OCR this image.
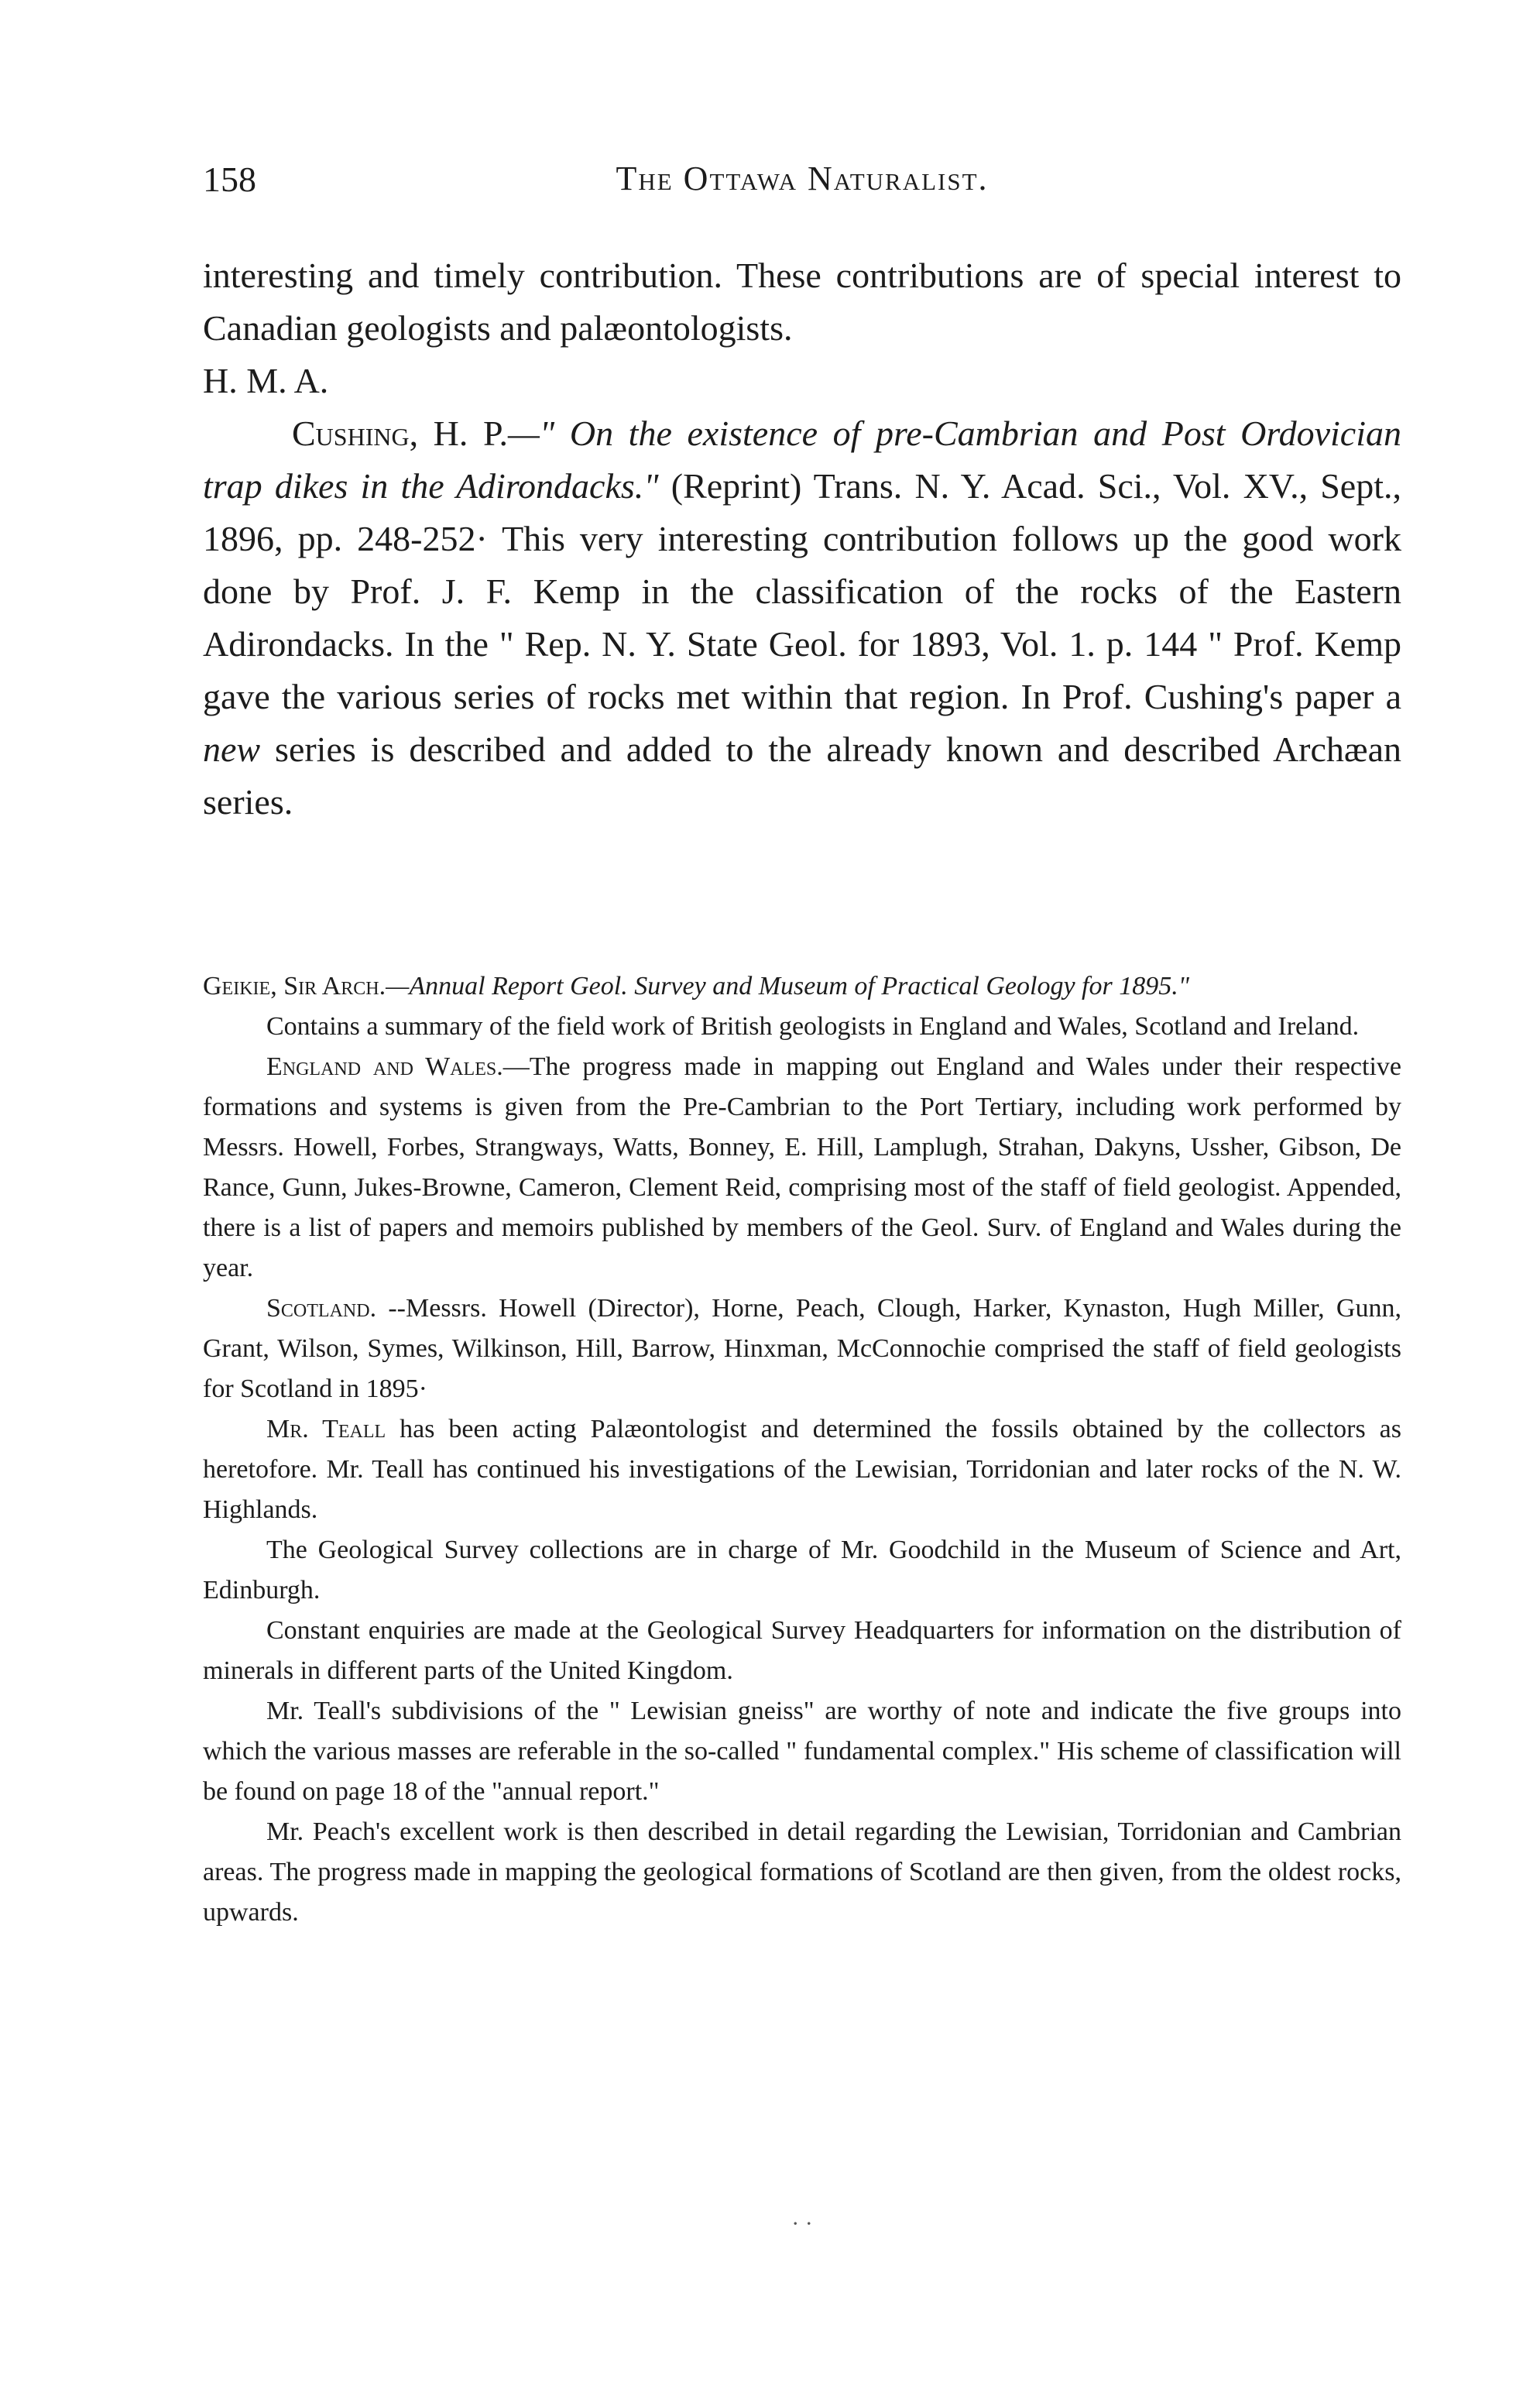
158	The Ottawa Naturalist.

interesting and timely contribution. These contributions are of special interest to Canadian geologists and palæontologists.

H. M. A.

Cushing, H. P.—" On the existence of pre-Cambrian and Post Ordovician trap dikes in the Adirondacks." (Reprint) Trans. N. Y. Acad. Sci., Vol. XV., Sept., 1896, pp. 248-252· This very interesting contribution follows up the good work done by Prof. J. F. Kemp in the classification of the rocks of the Eastern Adirondacks. In the " Rep. N. Y. State Geol. for 1893, Vol. 1. p. 144 " Prof. Kemp gave the various series of rocks met within that region. In Prof. Cushing's paper a new series is described and added to the already known and described Archæan series.

Geikie, Sir Arch.—Annual Report Geol. Survey and Museum of Practical Geology for 1895."

Contains a summary of the field work of British geologists in England and Wales, Scotland and Ireland.

England and Wales.—The progress made in mapping out England and Wales under their respective formations and systems is given from the Pre-Cambrian to the Port Tertiary, including work performed by Messrs. Howell, Forbes, Strangways, Watts, Bonney, E. Hill, Lamplugh, Strahan, Dakyns, Ussher, Gibson, De Rance, Gunn, Jukes-Browne, Cameron, Clement Reid, comprising most of the staff of field geologist. Appended, there is a list of papers and memoirs published by members of the Geol. Surv. of England and Wales during the year.

Scotland. --Messrs. Howell (Director), Horne, Peach, Clough, Harker, Kynaston, Hugh Miller, Gunn, Grant, Wilson, Symes, Wilkinson, Hill, Barrow, Hinxman, McConnochie comprised the staff of field geologists for Scotland in 1895·

Mr. Teall has been acting Palæontologist and determined the fossils obtained by the collectors as heretofore. Mr. Teall has continued his investigations of the Lewisian, Torridonian and later rocks of the N. W. Highlands.

The Geological Survey collections are in charge of Mr. Goodchild in the Museum of Science and Art, Edinburgh.

Constant enquiries are made at the Geological Survey Headquarters for information on the distribution of minerals in different parts of the United Kingdom.

Mr. Teall's subdivisions of the " Lewisian gneiss" are worthy of note and indicate the five groups into which the various masses are referable in the so-called " fundamental complex." His scheme of classification will be found on page 18 of the "annual report."

Mr. Peach's excellent work is then described in detail regarding the Lewisian, Torridonian and Cambrian areas. The progress made in mapping the geological formations of Scotland are then given, from the oldest rocks, upwards.

· ·
